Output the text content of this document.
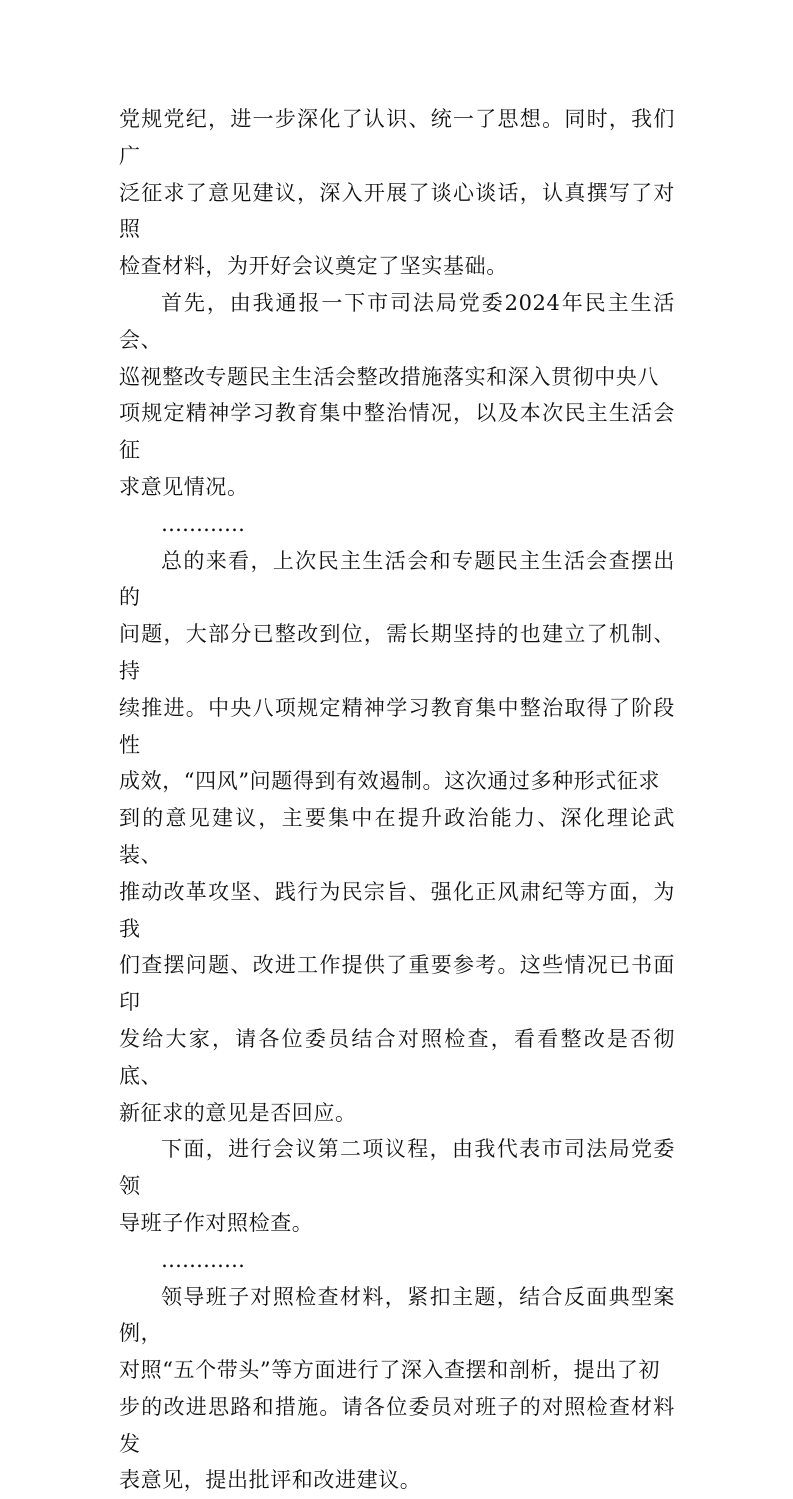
党规党纪，进一步深化了认识、统一了思想。同时，我们广
泛征求了意见建议，深入开展了谈心谈话，认真撰写了对照
检查材料，为开好会议奠定了坚实基础。

首先，由我通报一下市司法局党委2024年民主生活会、
巡视整改专题民主生活会整改措施落实和深入贯彻中央八
项规定精神学习教育集中整治情况，以及本次民主生活会征
求意见情况。

…………

总的来看，上次民主生活会和专题民主生活会查摆出的
问题，大部分已整改到位，需长期坚持的也建立了机制、持
续推进。中央八项规定精神学习教育集中整治取得了阶段性
成效，“四风”问题得到有效遏制。这次通过多种形式征求
到的意见建议，主要集中在提升政治能力、深化理论武装、
推动改革攻坚、践行为民宗旨、强化正风肃纪等方面，为我
们查摆问题、改进工作提供了重要参考。这些情况已书面印
发给大家，请各位委员结合对照检查，看看整改是否彻底、
新征求的意见是否回应。

下面，进行会议第二项议程，由我代表市司法局党委领
导班子作对照检查。

…………

领导班子对照检查材料，紧扣主题，结合反面典型案例，
对照“五个带头”等方面进行了深入查摆和剖析，提出了初
步的改进思路和措施。请各位委员对班子的对照检查材料发
表意见，提出批评和改进建议。
